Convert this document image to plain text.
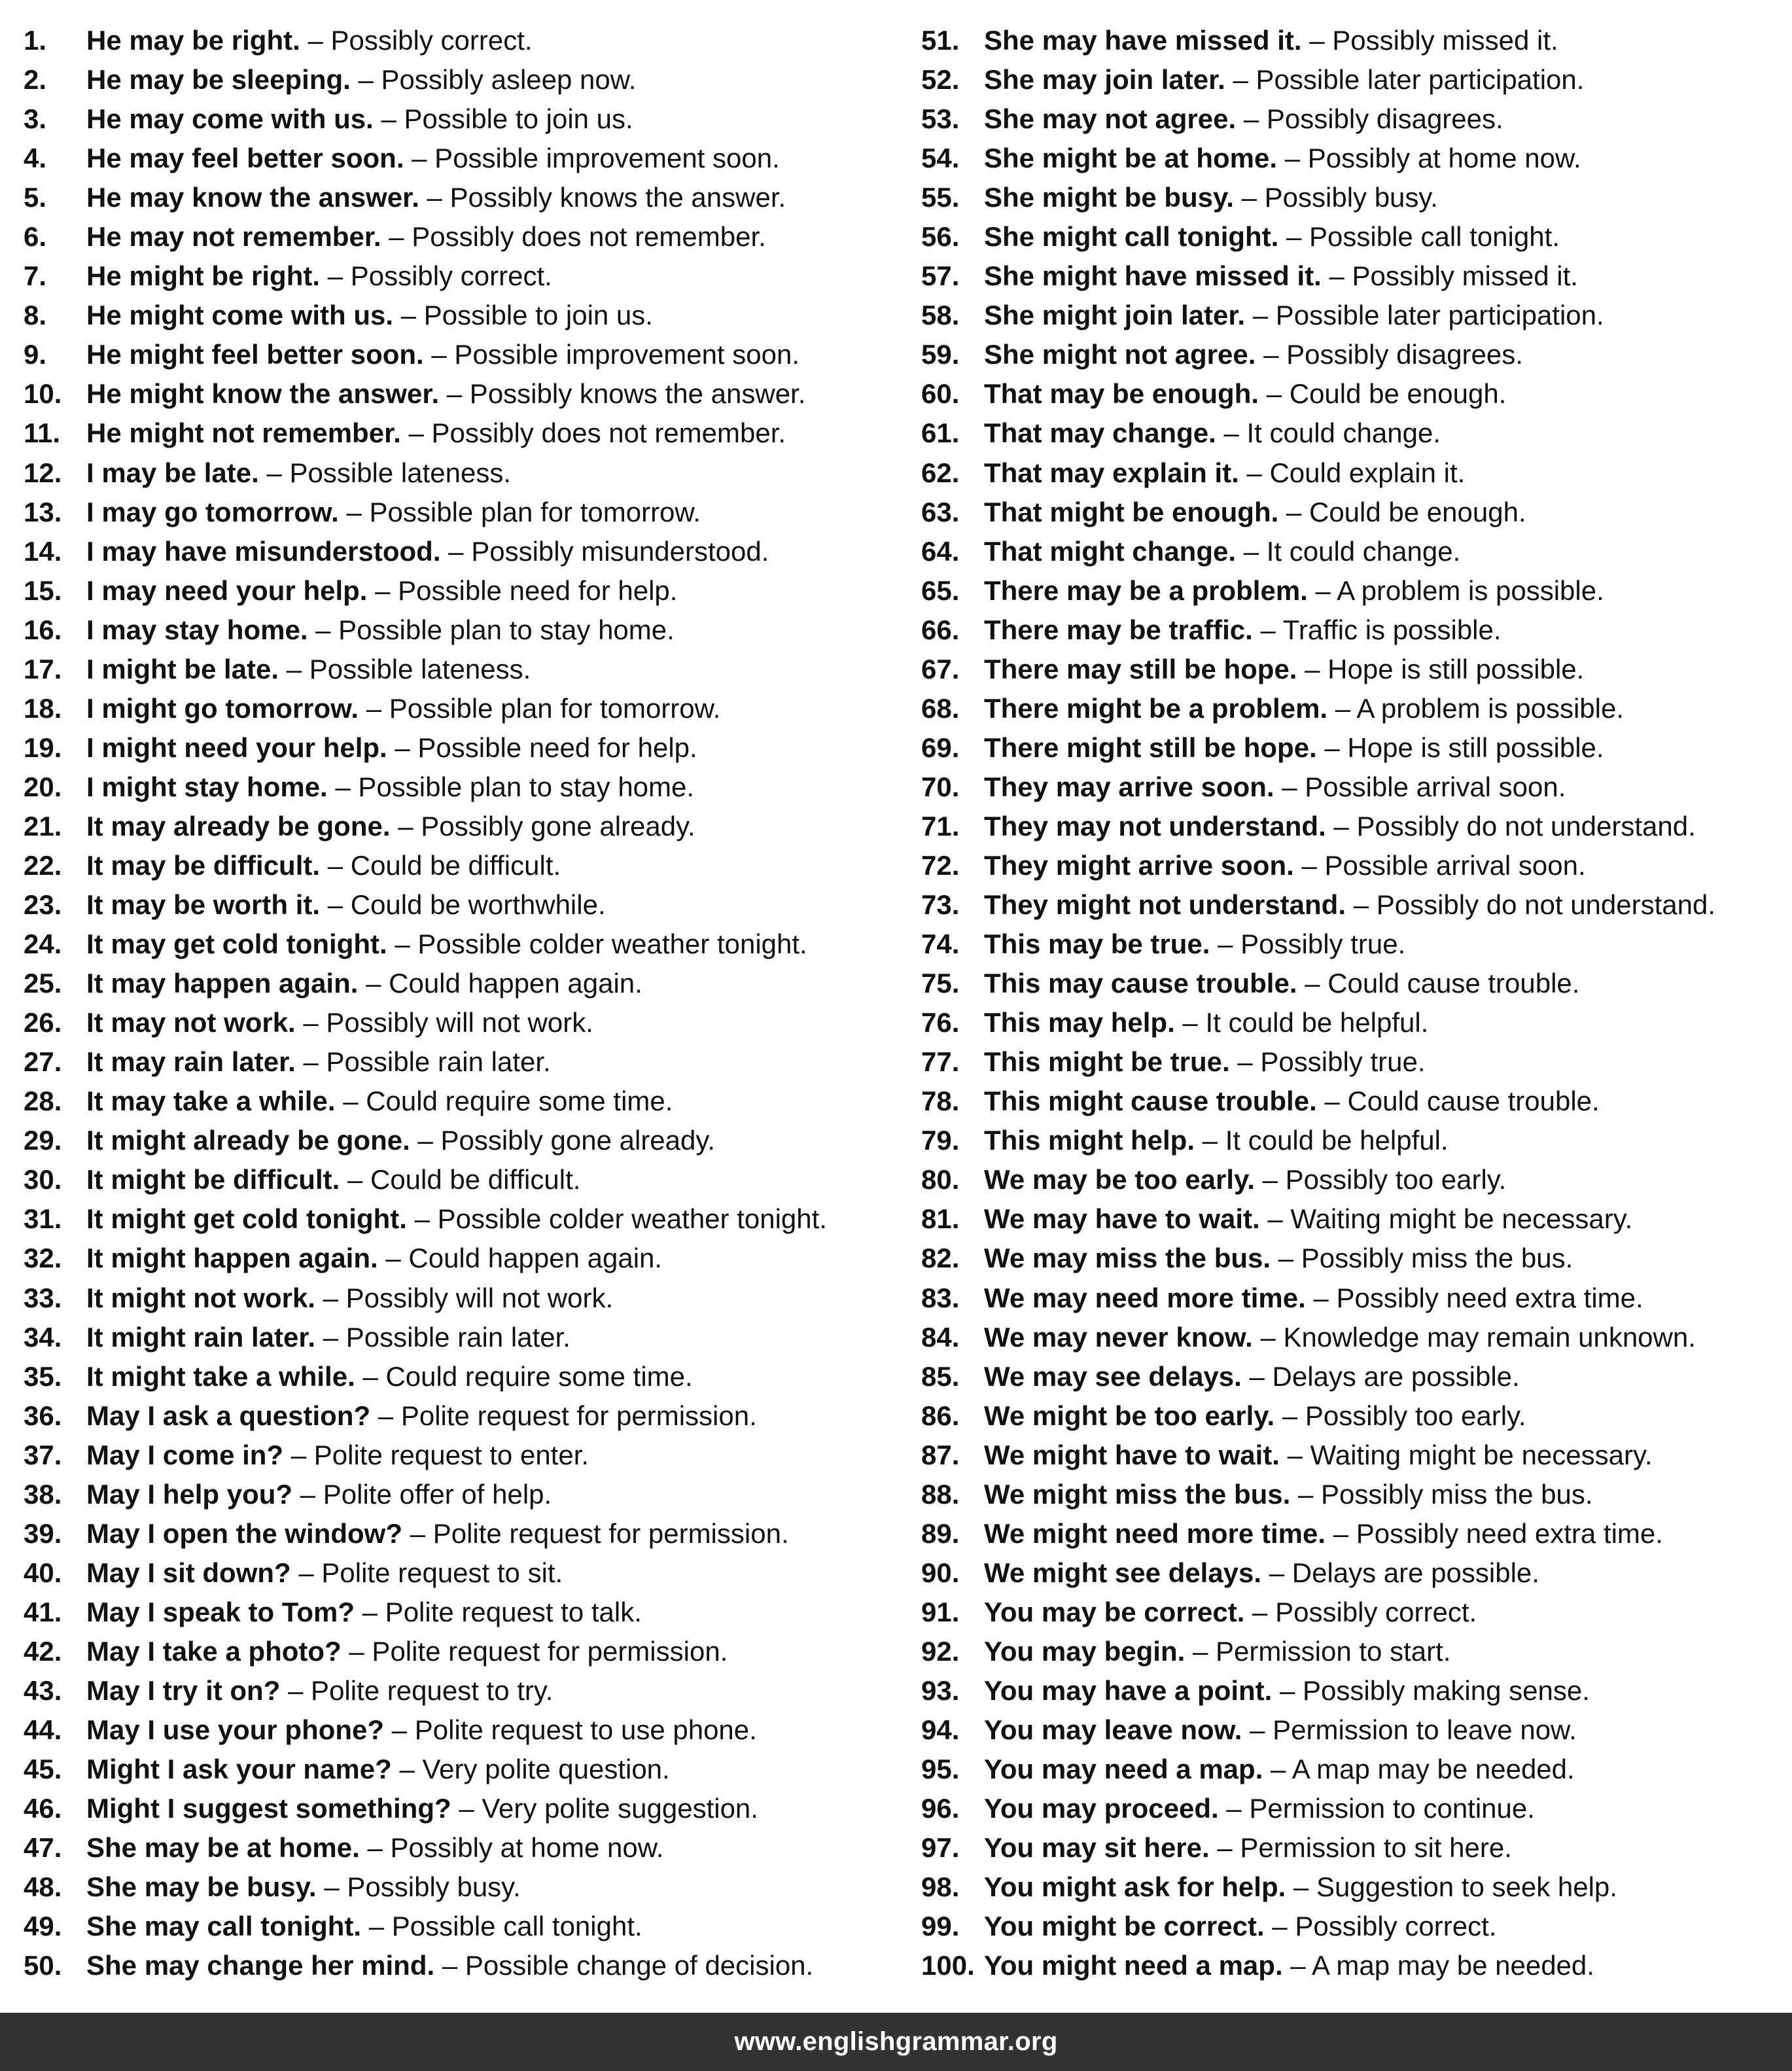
1. He may be right. – Possibly correct.
2. He may be sleeping. – Possibly asleep now.
3. He may come with us. – Possible to join us.
4. He may feel better soon. – Possible improvement soon.
5. He may know the answer. – Possibly knows the answer.
6. He may not remember. – Possibly does not remember.
7. He might be right. – Possibly correct.
8. He might come with us. – Possible to join us.
9. He might feel better soon. – Possible improvement soon.
10. He might know the answer. – Possibly knows the answer.
11. He might not remember. – Possibly does not remember.
12. I may be late. – Possible lateness.
13. I may go tomorrow. – Possible plan for tomorrow.
14. I may have misunderstood. – Possibly misunderstood.
15. I may need your help. – Possible need for help.
16. I may stay home. – Possible plan to stay home.
17. I might be late. – Possible lateness.
18. I might go tomorrow. – Possible plan for tomorrow.
19. I might need your help. – Possible need for help.
20. I might stay home. – Possible plan to stay home.
21. It may already be gone. – Possibly gone already.
22. It may be difficult. – Could be difficult.
23. It may be worth it. – Could be worthwhile.
24. It may get cold tonight. – Possible colder weather tonight.
25. It may happen again. – Could happen again.
26. It may not work. – Possibly will not work.
27. It may rain later. – Possible rain later.
28. It may take a while. – Could require some time.
29. It might already be gone. – Possibly gone already.
30. It might be difficult. – Could be difficult.
31. It might get cold tonight. – Possible colder weather tonight.
32. It might happen again. – Could happen again.
33. It might not work. – Possibly will not work.
34. It might rain later. – Possible rain later.
35. It might take a while. – Could require some time.
36. May I ask a question? – Polite request for permission.
37. May I come in? – Polite request to enter.
38. May I help you? – Polite offer of help.
39. May I open the window? – Polite request for permission.
40. May I sit down? – Polite request to sit.
41. May I speak to Tom? – Polite request to talk.
42. May I take a photo? – Polite request for permission.
43. May I try it on? – Polite request to try.
44. May I use your phone? – Polite request to use phone.
45. Might I ask your name? – Very polite question.
46. Might I suggest something? – Very polite suggestion.
47. She may be at home. – Possibly at home now.
48. She may be busy. – Possibly busy.
49. She may call tonight. – Possible call tonight.
50. She may change her mind. – Possible change of decision.
51. She may have missed it. – Possibly missed it.
52. She may join later. – Possible later participation.
53. She may not agree. – Possibly disagrees.
54. She might be at home. – Possibly at home now.
55. She might be busy. – Possibly busy.
56. She might call tonight. – Possible call tonight.
57. She might have missed it. – Possibly missed it.
58. She might join later. – Possible later participation.
59. She might not agree. – Possibly disagrees.
60. That may be enough. – Could be enough.
61. That may change. – It could change.
62. That may explain it. – Could explain it.
63. That might be enough. – Could be enough.
64. That might change. – It could change.
65. There may be a problem. – A problem is possible.
66. There may be traffic. – Traffic is possible.
67. There may still be hope. – Hope is still possible.
68. There might be a problem. – A problem is possible.
69. There might still be hope. – Hope is still possible.
70. They may arrive soon. – Possible arrival soon.
71. They may not understand. – Possibly do not understand.
72. They might arrive soon. – Possible arrival soon.
73. They might not understand. – Possibly do not understand.
74. This may be true. – Possibly true.
75. This may cause trouble. – Could cause trouble.
76. This may help. – It could be helpful.
77. This might be true. – Possibly true.
78. This might cause trouble. – Could cause trouble.
79. This might help. – It could be helpful.
80. We may be too early. – Possibly too early.
81. We may have to wait. – Waiting might be necessary.
82. We may miss the bus. – Possibly miss the bus.
83. We may need more time. – Possibly need extra time.
84. We may never know. – Knowledge may remain unknown.
85. We may see delays. – Delays are possible.
86. We might be too early. – Possibly too early.
87. We might have to wait. – Waiting might be necessary.
88. We might miss the bus. – Possibly miss the bus.
89. We might need more time. – Possibly need extra time.
90. We might see delays. – Delays are possible.
91. You may be correct. – Possibly correct.
92. You may begin. – Permission to start.
93. You may have a point. – Possibly making sense.
94. You may leave now. – Permission to leave now.
95. You may need a map. – A map may be needed.
96. You may proceed. – Permission to continue.
97. You may sit here. – Permission to sit here.
98. You might ask for help. – Suggestion to seek help.
99. You might be correct. – Possibly correct.
100. You might need a map. – A map may be needed.
www.englishgrammar.org
